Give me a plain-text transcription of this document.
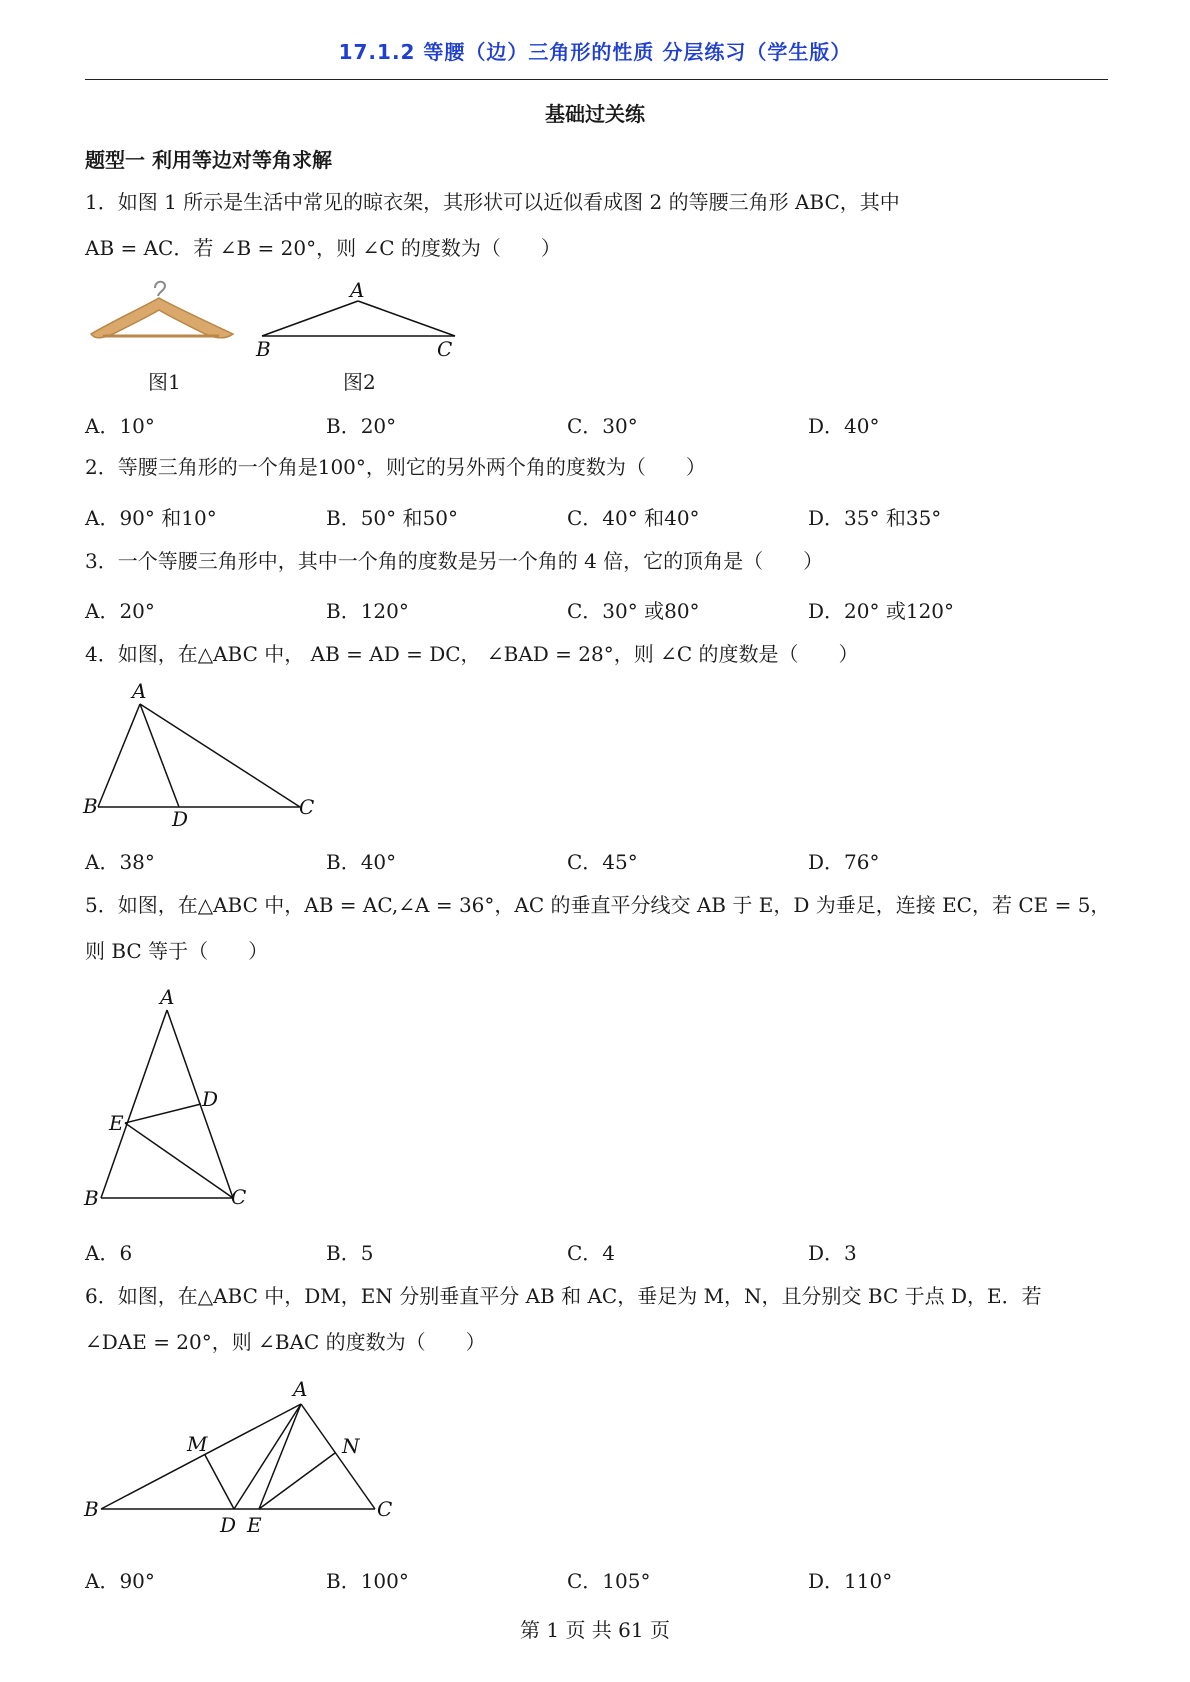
17.1.2 等腰（边）三角形的性质 分层练习（学生版）
基础过关练
题型一 利用等边对等角求解
1．如图 1 所示是生活中常见的晾衣架，其形状可以近似看成图 2 的等腰三角形 ABC，其中
AB = AC．若 ∠B = 20°，则 ∠C 的度数为（　　）
图1
A
B	C
图2
A．10°	B．20°	C．30°	D．40°
2．等腰三角形的一个角是100°，则它的另外两个角的度数为（　　）
A．90° 和10°	B．50° 和50°	C．40° 和40°	D．35° 和35°
3．一个等腰三角形中，其中一个角的度数是另一个角的 4 倍，它的顶角是（　　）
A．20°	B．120°	C．30° 或80°	D．20° 或120°
4．如图，在△ABC 中， AB = AD = DC， ∠BAD = 28°，则 ∠C 的度数是（　　）
A
B	C
D
A．38°	B．40°	C．45°	D．76°
5．如图，在△ABC 中，AB = AC,∠A = 36°，AC 的垂直平分线交 AB 于 E，D 为垂足，连接 EC，若 CE = 5，
则 BC 等于（　　）
A
B	C
D
E
A．6	B．5	C．4	D．3
6．如图，在△ABC 中，DM，EN 分别垂直平分 AB 和 AC，垂足为 M，N，且分别交 BC 于点 D，E．若
∠DAE = 20°，则 ∠BAC 的度数为（　　）
A
B	C
D E
M	N
A．90°	B．100°	C．105°	D．110°
第 1 页 共 61 页
